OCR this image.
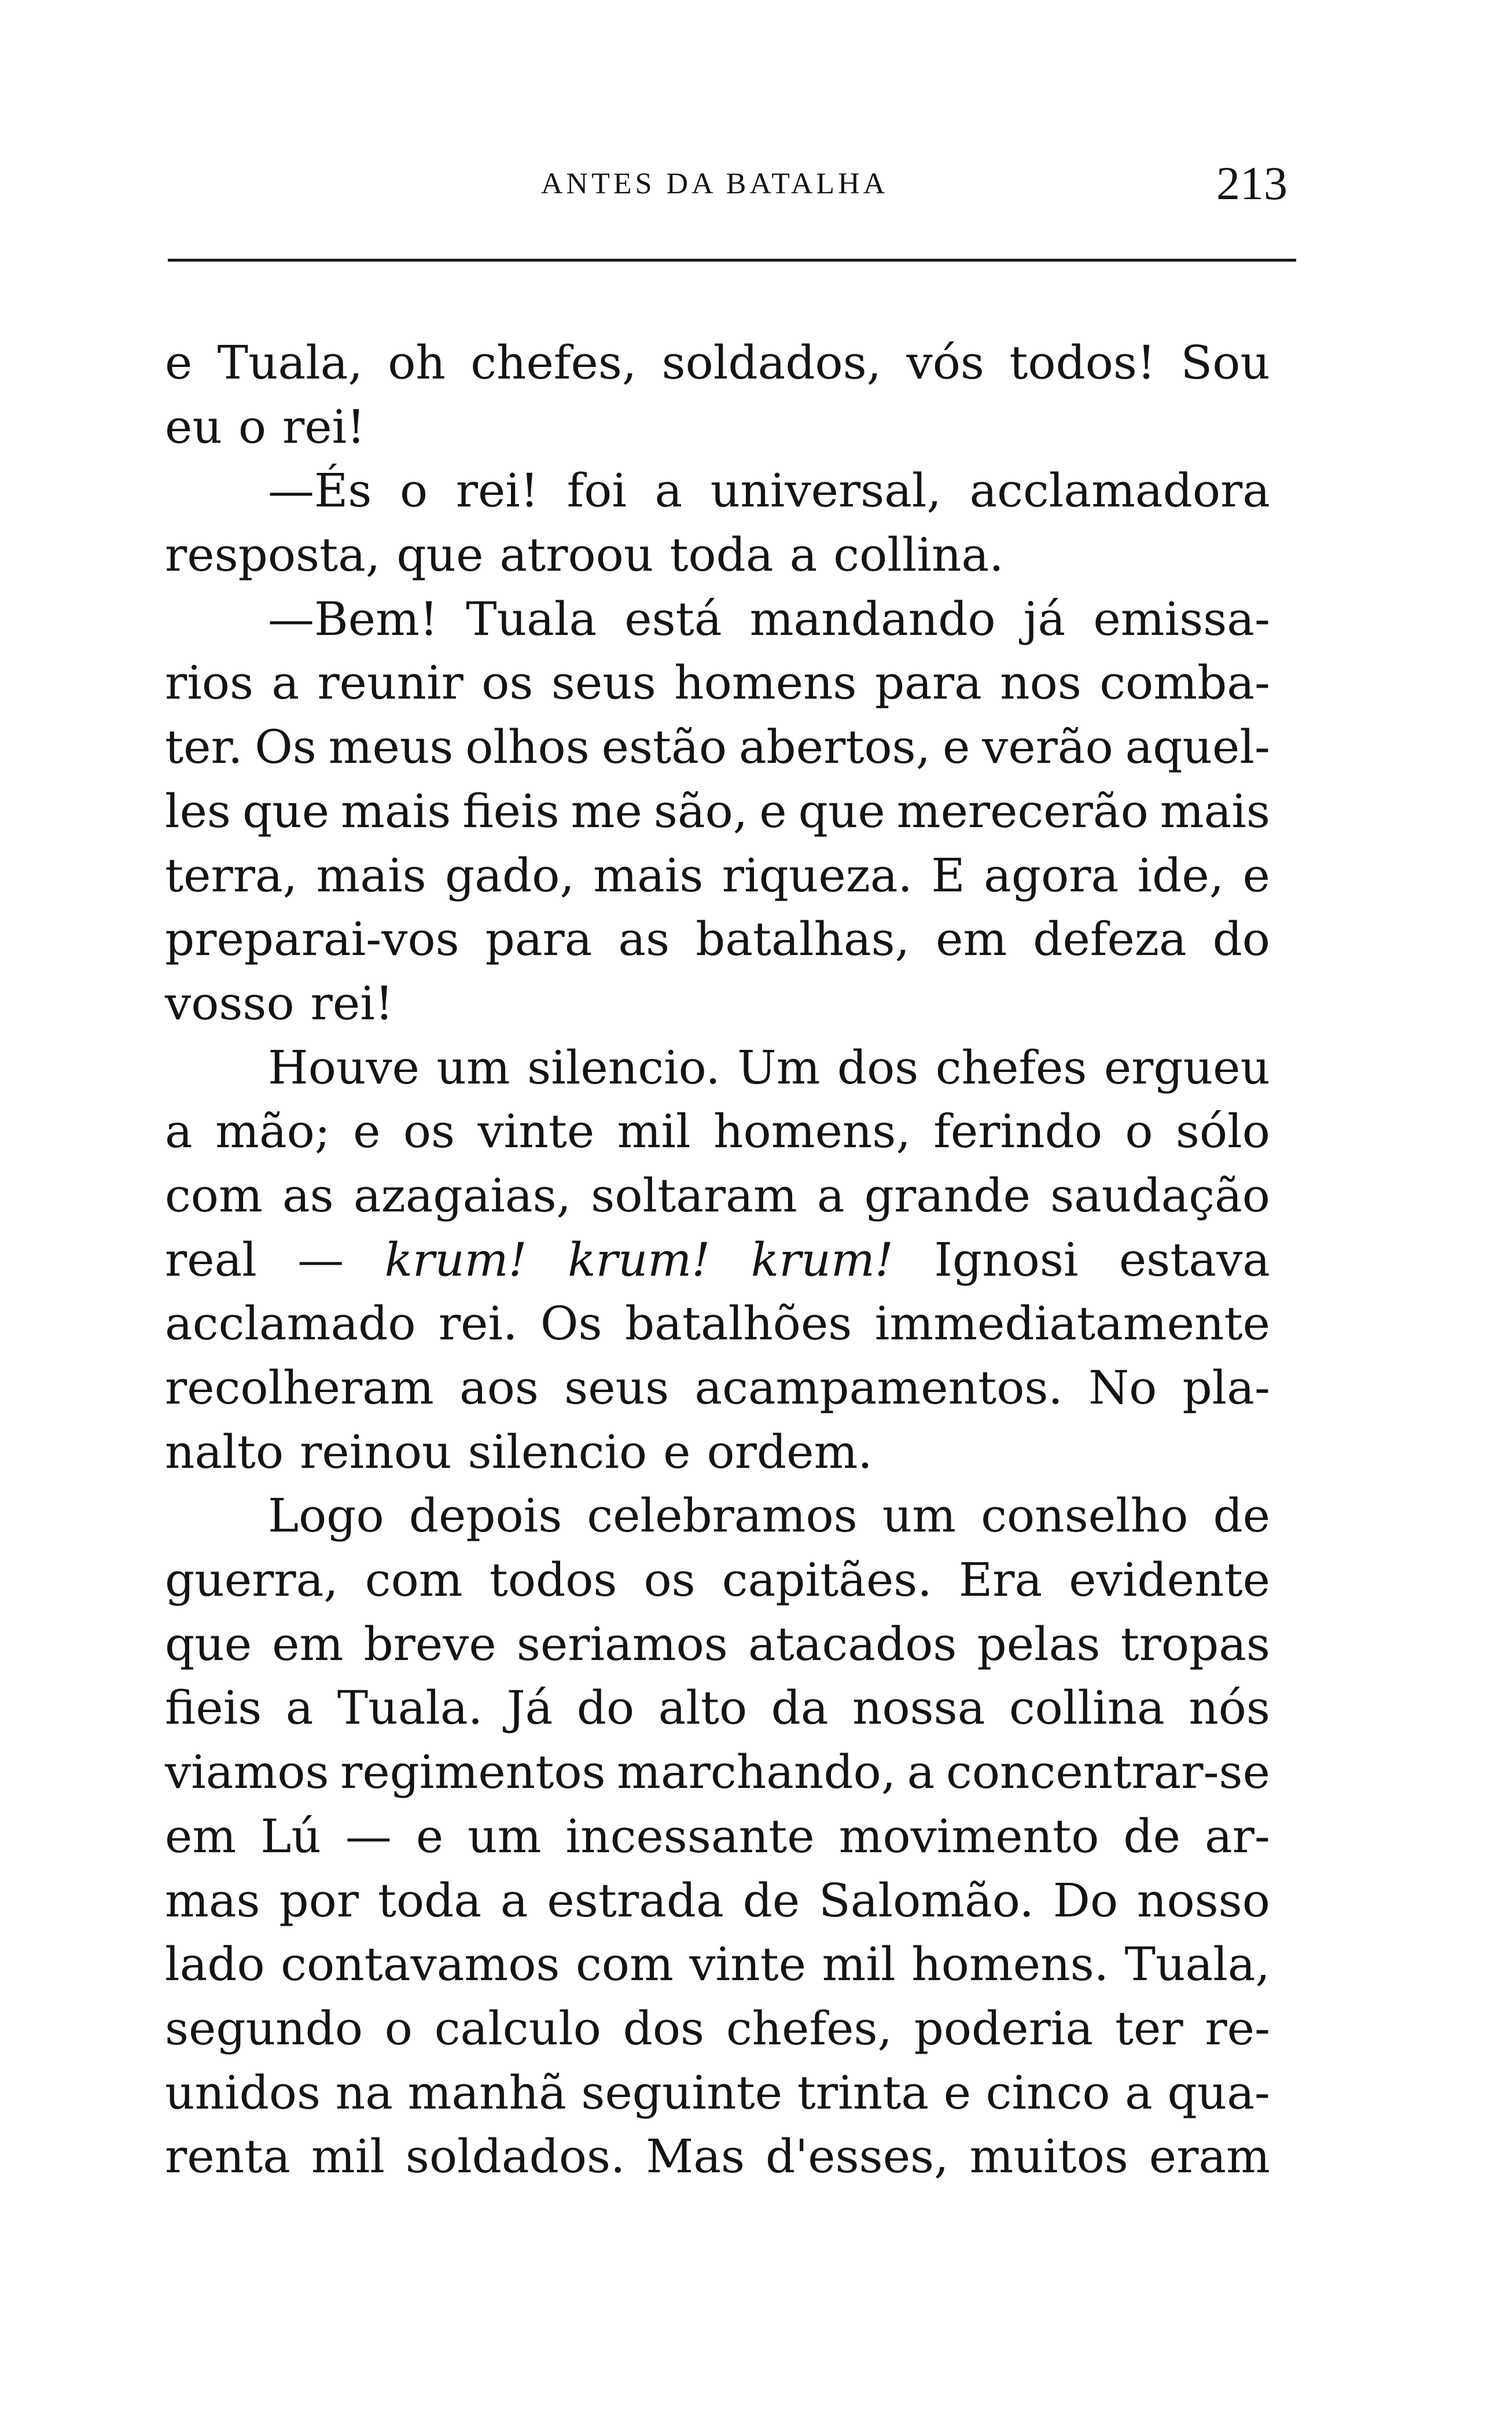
ANTES DA BATALHA	213
e Tuala, oh chefes, soldados, vós todos! Sou
eu o rei!
—És o rei! foi a universal, acclamadora
resposta, que atroou toda a collina.
—Bem! Tuala está mandando já emissa-
rios a reunir os seus homens para nos comba-
ter. Os meus olhos estão abertos, e verão aquel-
les que mais fieis me são, e que merecerão mais
terra, mais gado, mais riqueza. E agora ide, e
preparai-vos para as batalhas, em defeza do
vosso rei!
Houve um silencio. Um dos chefes ergueu
a mão; e os vinte mil homens, ferindo o sólo
com as azagaias, soltaram a grande saudação
real — krum! krum! krum! Ignosi estava
acclamado rei. Os batalhões immediatamente
recolheram aos seus acampamentos. No pla-
nalto reinou silencio e ordem.
Logo depois celebramos um conselho de
guerra, com todos os capitães. Era evidente
que em breve seriamos atacados pelas tropas
fieis a Tuala. Já do alto da nossa collina nós
viamos regimentos marchando, a concentrar-se
em Lú — e um incessante movimento de ar-
mas por toda a estrada de Salomão. Do nosso
lado contavamos com vinte mil homens. Tuala,
segundo o calculo dos chefes, poderia ter re-
unidos na manhã seguinte trinta e cinco a qua-
renta mil soldados. Mas d'esses, muitos eram
